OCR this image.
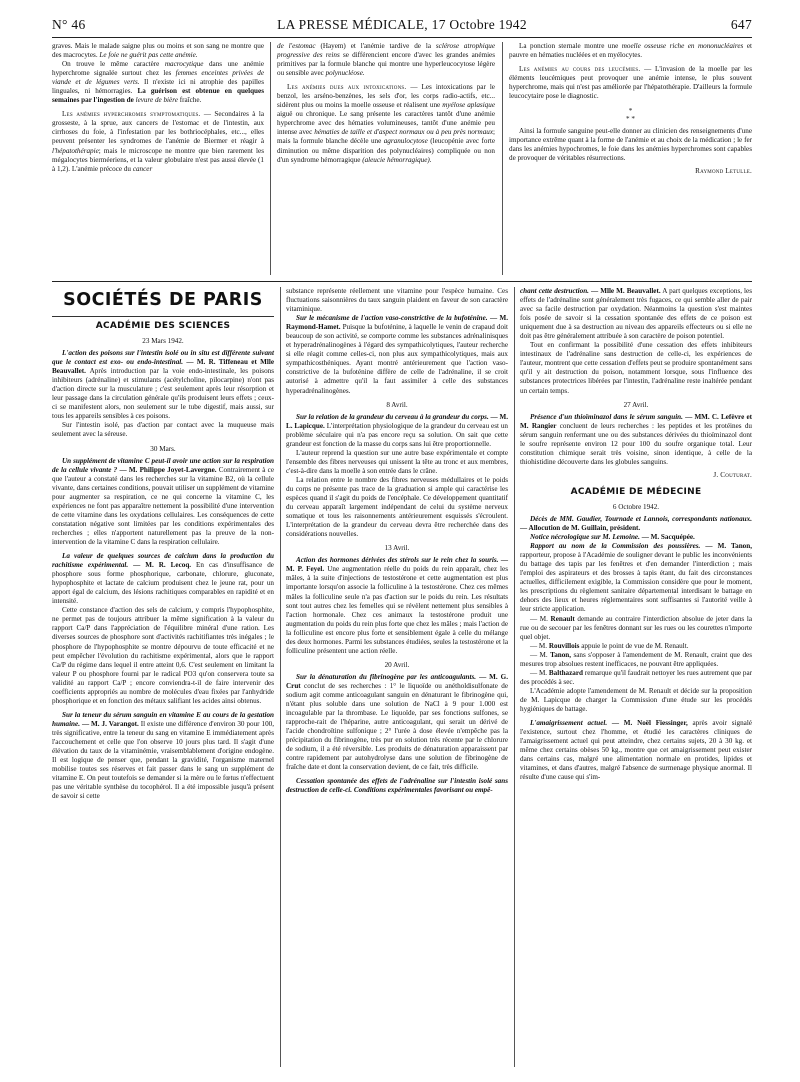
N° 46	LA PRESSE MÉDICALE, 17 Octobre 1942	647

graves. Mais le malade saigne plus ou moins et son sang ne montre que des macrocytes. Le foie ne guérit pas cette anémie.

On trouve le même caractère macrocytique dans une anémie hyperchrome signalée surtout chez les femmes enceintes privées de viande et de légumes verts. Il n'existe ici ni atrophie des papilles linguales, ni hémorragies. La guérison est obtenue en quelques semaines par l'ingestion de levure de bière fraîche.

Les anémies hyperchromes symptomatiques. — Secondaires à la grosseste, à la sprue, aux cancers de l'estomac et de l'intestin, aux cirrhoses du foie, à l'infestation par les bothriocéphales, etc..., elles peuvent présenter les syndromes de l'anémie de Biermer et réagir à l'hépatothérapie; mais le microscope ne montre que bien rarement les mégalocytes bierméeriens, et la valeur globulaire n'est pas aussi élevée (1 à 1,2). L'anémie précoce du cancer

de l'estomac (Hayem) et l'anémie tardive de la sclérose atrophique progressive des reins se différencient encore d'avec les grandes anémies primitives par la formule blanche qui montre une hyperleucocytose légère ou sensible avec polynucléose.

Les anémies dues aux intoxications. — Les intoxications par le benzol, les arséno-benzènes, les sels d'or, les corps radio-actifs, etc... sidèrent plus ou moins la moelle osseuse et réalisent une myélose aplasique aiguë ou chronique. Le sang présente les caractères tantôt d'une anémie hyperchrome avec des hématies volumineuses, tantôt d'une anémie peu intense avec hématies de taille et d'aspect normaux ou à peu près normaux; mais la formule blanche décèle une agranulocytose (leucopénie avec forte diminution ou même disparition des polynucléaires) compliquée ou non d'un syndrome hémorragique (aleucie hémorragique).

La ponction sternale montre une moelle osseuse riche en mononucléaires et pauvre en hématies nucléées et en myélocytes.

Les anémies au cours des leucémies. — L'invasion de la moelle par les éléments leucémiques peut provoquer une anémie intense, le plus souvent hyperchrome, mais qui n'est pas améliorée par l'hépatothérapie. D'ailleurs la formule leucocytaire pose le diagnostic.

*
* *

Ainsi la formule sanguine peut-elle donner au clinicien des renseignements d'une importance extrême quant à la forme de l'anémie et au choix de la médication ; le fer dans les anémies hypochromes, le foie dans les anémies hyperchromes sont capables de provoquer de véritables résurrections.

Raymond Letulle.

SOCIÉTÉS DE PARIS
ACADÉMIE DES SCIENCES

23 Mars 1942.

L'action des poisons sur l'intestin isolé ou in situ est différente suivant que le contact est exo- ou endo-intestinal. — M. R. Tiffeneau et Mlle Beauvallet. Après introduction par la voie endo-intestinale, les poisons inhibiteurs (adrénaline) et stimulants (acétylcholine, pilocarpine) n'ont pas d'action directe sur la musculature ; c'est seulement après leur résorption et leur passage dans la circulation générale qu'ils produisent leurs effets ; ceux-ci se manifestent alors, non seulement sur le tube digestif, mais aussi, sur tous les appareils sensibles à ces poisons.

Sur l'intestin isolé, pas d'action par contact avec la muqueuse mais seulement avec la séreuse.

30 Mars.

Un supplément de vitamine C peut-il avoir une action sur la respiration de la cellule vivante ? — M. Philippe Joyet-Lavergne. Contrairement à ce que l'auteur a constaté dans les recherches sur la vitamine B2, où la cellule vivante, dans certaines conditions, pouvait utiliser un supplément de vitamine pour augmenter sa respiration, ce ne qui concerne la vitamine C, les expériences ne font pas apparaître nettement la possibilité d'une intervention de cette vitamine dans les oxydations cellulaires. Les conséquences de cette constatation négative sont limitées par les conditions expérimentales des recherches ; elles n'apportent naturellement pas la preuve de la non-intervention de la vitamine C dans la respiration cellulaire.

La valeur de quelques sources de calcium dans la production du rachitisme expérimental. — M. R. Lecoq. En cas d'insuffisance de phosphore sous forme phosphorique, carbonate, chlorure, gluconate, hypophosphite et lactate de calcium produisent chez le jeune rat, pour un apport égal de calcium, des lésions rachitiques comparables en rapidité et en intensité.

Cette constance d'action des sels de calcium, y compris l'hypophosphite, ne permet pas de toujours attribuer la même signification à la valeur du rapport Ca/P dans l'appréciation de l'équilibre minéral d'une ration. Les diverses sources de phosphore sont d'activités rachitifiantes très inégales ; le phosphore de l'hypophosphite se montre dépourvu de toute efficacité et ne peut empêcher l'évolution du rachitisme expérimental, alors que le rapport Ca/P du régime dans lequel il entre atteint 0,6. C'est seulement en limitant la valeur P ou phosphore fourni par le radical PO3 qu'on conservera toute sa validité au rapport Ca/P ; encore conviendra-t-il de faire intervenir des coefficients appropriés au nombre de molécules d'eau fixées par l'anhydride phosphorique et en fonction des métaux salifiant les acides ainsi obtenus.

Sur la teneur du sérum sanguin en vitamine E au cours de la gestation humaine. — M. J. Varangot. Il existe une différence d'environ 30 pour 100, très significative, entre la teneur du sang en vitamine E immédiatement après l'accouchement et celle que l'on observe 10 jours plus tard. Il s'agit d'une élévation du taux de la vitaminémie, vraisemblablement d'origine endogène. Il est logique de penser que, pendant la gravidité, l'organisme maternel mobilise toutes ses réserves et fait passer dans le sang un supplément de vitamine E. On peut toutefois se demander si la mère ou le fœtus n'effectuent pas une véritable synthèse du tocophérol. Il a été impossible jusqu'à présent de savoir si cette

substance représente réellement une vitamine pour l'espèce humaine. Ces fluctuations saisonnières du taux sanguin plaident en faveur de son caractère vitaminique.

Sur le mécanisme de l'action vaso-constrictive de la bufoténine. — M. Raymond-Hamet. Puisque la bufoténine, à laquelle le venin de crapaud doit beaucoup de son activité, se comporte comme les substances adrénalinisques et hyperadrénalinogènes à l'égard des sympathicolytiques, l'auteur recherche si elle réagit comme celles-ci, non plus aux sympathicolytiques, mais aux sympathicosthéniques. Ayant montré antérieurement que l'action vaso-constrictive de la bufoténine diffère de celle de l'adrénaline, il se croit autorisé à admettre qu'il la faut assimiler à celle des substances hyperadrénalinogènes.

8 Avril.

Sur la relation de la grandeur du cerveau à la grandeur du corps. — M. L. Lapicque. L'interprétation physiologique de la grandeur du cerveau est un problème séculaire qui n'a pas encore reçu sa solution. On sait que cette grandeur est fonction de la masse du corps sans lui être proportionnelle.

L'auteur reprend la question sur une autre base expérimentale et compte l'ensemble des fibres nerveuses qui unissent la tête au tronc et aux membres, c'est-à-dire dans la moelle à son entrée dans le crâne.

La relation entre le nombre des fibres nerveuses médullaires et le poids du corps ne présente pas trace de la graduation si ample qui caractérise les espèces quand il s'agit du poids de l'encéphale. Ce développement quantitatif du cerveau apparaît largement indépendant de celui du système nerveux somatique et tous les raisonnements antérieurement esquissés s'écroulent. L'interprétation de la grandeur du cerveau devra être recherchée dans des considérations nouvelles.

13 Avril.

Action des hormones dérivées des stérols sur le rein chez la souris. — M. P. Feyel. Une augmentation réelle du poids du rein apparaît, chez les mâles, à la suite d'injections de testostérone et cette augmentation est plus importante lorsqu'on associe la folliculine à la testostérone. Chez ces mêmes mâles la folliculine seule n'a pas d'action sur le poids du rein. Les résultats sont tout autres chez les femelles qui se révèlent nettement plus sensibles à l'action hormonale. Chez ces animaux la testostérone produit une augmentation du poids du rein plus forte que chez les mâles ; mais l'action de la folliculine est encore plus forte et sensiblement égale à celle du mélange des deux hormones. Parmi les substances étudiées, seules la testostérone et la folliculine présentent une action réelle.

20 Avril.

Sur la dénaturation du fibrinogène par les anticoagulants. — M. G. Crut conclut de ses recherches : 1° le liquoïde ou anétholdisulfonate de sodium agit comme anticoagulant sanguin en dénaturant le fibrinogène qui, n'étant plus soluble dans une solution de NaCl à 9 pour 1.000 est incoagulable par la thrombase. Le liquoïde, par ses fonctions sulfones, se rapproche-rait de l'héparine, autre anticoagulant, qui serait un dérivé de l'acide chondroïtine sulfonique ; 2° l'urée à dose élevée n'empêche pas la précipitation du fibrinogène, très pur en solution très récente par le chlorure de sodium, il a été réversible. Les produits de dénaturation apparaissent par contre rapidement par autohydrolyse dans une solution de fibrinogène de fraîche date et dont la conservation devient, de ce fait, très difficile.

Cessation spontanée des effets de l'adrénaline sur l'intestin isolé sans destruction de celle-ci. Conditions expérimentales favorisant ou empê-

chant cette destruction. — Mlle M. Beauvallet. A part quelques exceptions, les effets de l'adrénaline sont généralement très fugaces, ce qui semble aller de pair avec sa facile destruction par oxydation. Néanmoins la question s'est maintes fois posée de savoir si la cessation spontanée des effets de ce poison est uniquement due à sa destruction au niveau des appareils effecteurs ou si elle ne doit pas être généralement attribuée à son caractère de poison potentiel.

Tout en confirmant la possibilité d'une cessation des effets inhibiteurs intestinaux de l'adrénaline sans destruction de celle-ci, les expériences de l'auteur, montrent que cette cessation d'effets peut se produire spontanément sans qu'il y ait destruction du poison, notamment lorsque, sous l'influence des substances protectrices libérées par l'intestin, l'adrénaline reste inaltérée pendant un certain temps.

27 Avril.

Présence d'un thioïminazol dans le sérum sanguin. — MM. C. Lefèvre et M. Rangier concluent de leurs recherches : les peptides et les protéines du sérum sanguin renfermant une ou des substances dérivées du thioïminazol dont le soufre représente environ 12 pour 100 du soufre organique total. Leur constitution chimique serait très voisine, sinon identique, à celle de la thiohistidine découverte dans les globules sanguins.

J. Couturat.

ACADÉMIE DE MÉDECINE

6 Octobre 1942.

Décès de MM. Gaudier, Tournade et Lannois, correspondants nationaux. — Allocution de M. Guillain, président.

Notice nécrologique sur M. Lemoine. — M. Sacquépée.

Rapport au nom de la Commission des poussières. — M. Tanon, rapporteur, propose à l'Académie de souligner devant le public les inconvénients du battage des tapis par les fenêtres et d'en demander l'interdiction ; mais l'emploi des aspirateurs et des brosses à tapis étant, du fait des circonstances actuelles, difficilement exigible, la Commission considère que pour le moment, les prescriptions du règlement sanitaire départemental interdisant le battage en dehors des lieux et heures réglementaires sont suffisantes si l'autorité veille à leur stricte application.

— M. Renault demande au contraire l'interdiction absolue de jeter dans la rue ou de secouer par les fenêtres donnant sur les rues ou les courettes n'importe quel objet.

— M. Rouvillois appuie le point de vue de M. Renault.

— M. Tanon, sans s'opposer à l'amendement de M. Renault, craint que des mesures trop absolues restent inefficaces, ne pouvant être appliquées.

— M. Balthazard remarque qu'il faudrait nettoyer les rues autrement que par des procédés à sec.

L'Académie adopte l'amendement de M. Renault et décide sur la proposition de M. Lapicque de charger la Commission d'une étude sur les procédés hygiéniques de battage.

L'amaigrissement actuel. — M. Noël Fiessinger, après avoir signalé l'existence, surtout chez l'homme, et étudié les caractères cliniques de l'amaigrissement actuel qui peut atteindre, chez certains sujets, 20 à 30 kg. et même chez certains obèses 50 kg., montre que cet amaigrissement peut exister dans certains cas, malgré une alimentation normale en protides, lipides et vitamines, et dans d'autres, malgré l'absence de surmenage physique anormal. Il résulte d'une cause qui s'im-
